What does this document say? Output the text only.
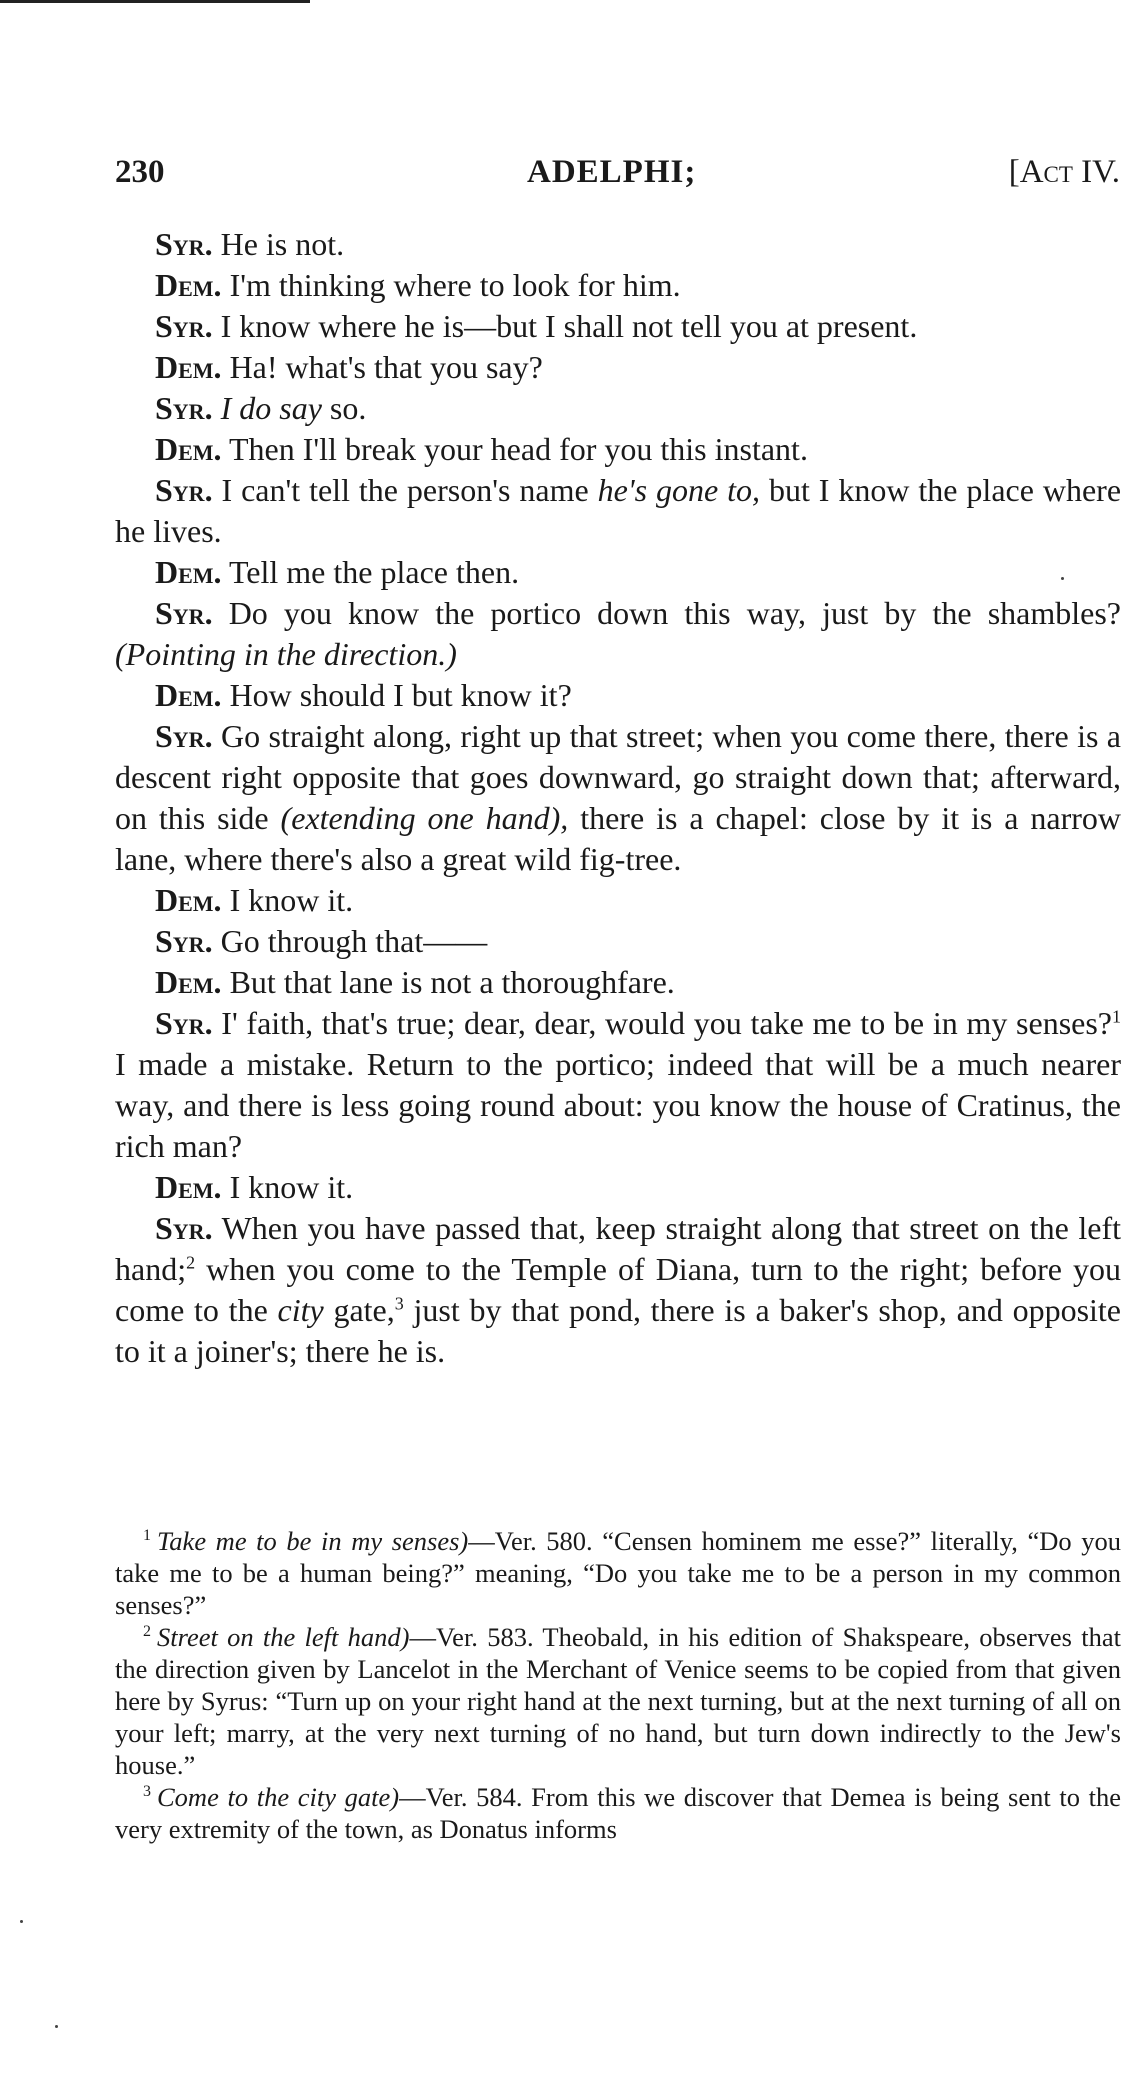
230	ADELPHI;	[Act IV.

Syr. He is not.

Dem. I'm thinking where to look for him.

Syr. I know where he is—but I shall not tell you at present.

Dem. Ha! what's that you say?

Syr. I do say so.

Dem. Then I'll break your head for you this instant.

Syr. I can't tell the person's name he's gone to, but I know the place where he lives.

Dem. Tell me the place then.

Syr. Do you know the portico down this way, just by the shambles? (Pointing in the direction.)

Dem. How should I but know it?

Syr. Go straight along, right up that street; when you come there, there is a descent right opposite that goes downward, go straight down that; afterward, on this side (extending one hand), there is a chapel: close by it is a narrow lane, where there's also a great wild fig-tree.

Dem. I know it.

Syr. Go through that——

Dem. But that lane is not a thoroughfare.

Syr. I' faith, that's true; dear, dear, would you take me to be in my senses?$^1$ I made a mistake. Return to the portico; indeed that will be a much nearer way, and there is less going round about: you know the house of Cratinus, the rich man?

Dem. I know it.

Syr. When you have passed that, keep straight along that street on the left hand;$^2$ when you come to the Temple of Diana, turn to the right; before you come to the city gate,$^3$ just by that pond, there is a baker's shop, and opposite to it a joiner's; there he is.

$^1$ Take me to be in my senses)—Ver. 580. “Censen hominem me esse?” literally, “Do you take me to be a human being?” meaning, “Do you take me to be a person in my common senses?”

$^2$ Street on the left hand)—Ver. 583. Theobald, in his edition of Shakspeare, observes that the direction given by Lancelot in the Merchant of Venice seems to be copied from that given here by Syrus: “Turn up on your right hand at the next turning, but at the next turning of all on your left; marry, at the very next turning of no hand, but turn down indirectly to the Jew's house.”

$^3$ Come to the city gate)—Ver. 584. From this we discover that Demea is being sent to the very extremity of the town, as Donatus informs
